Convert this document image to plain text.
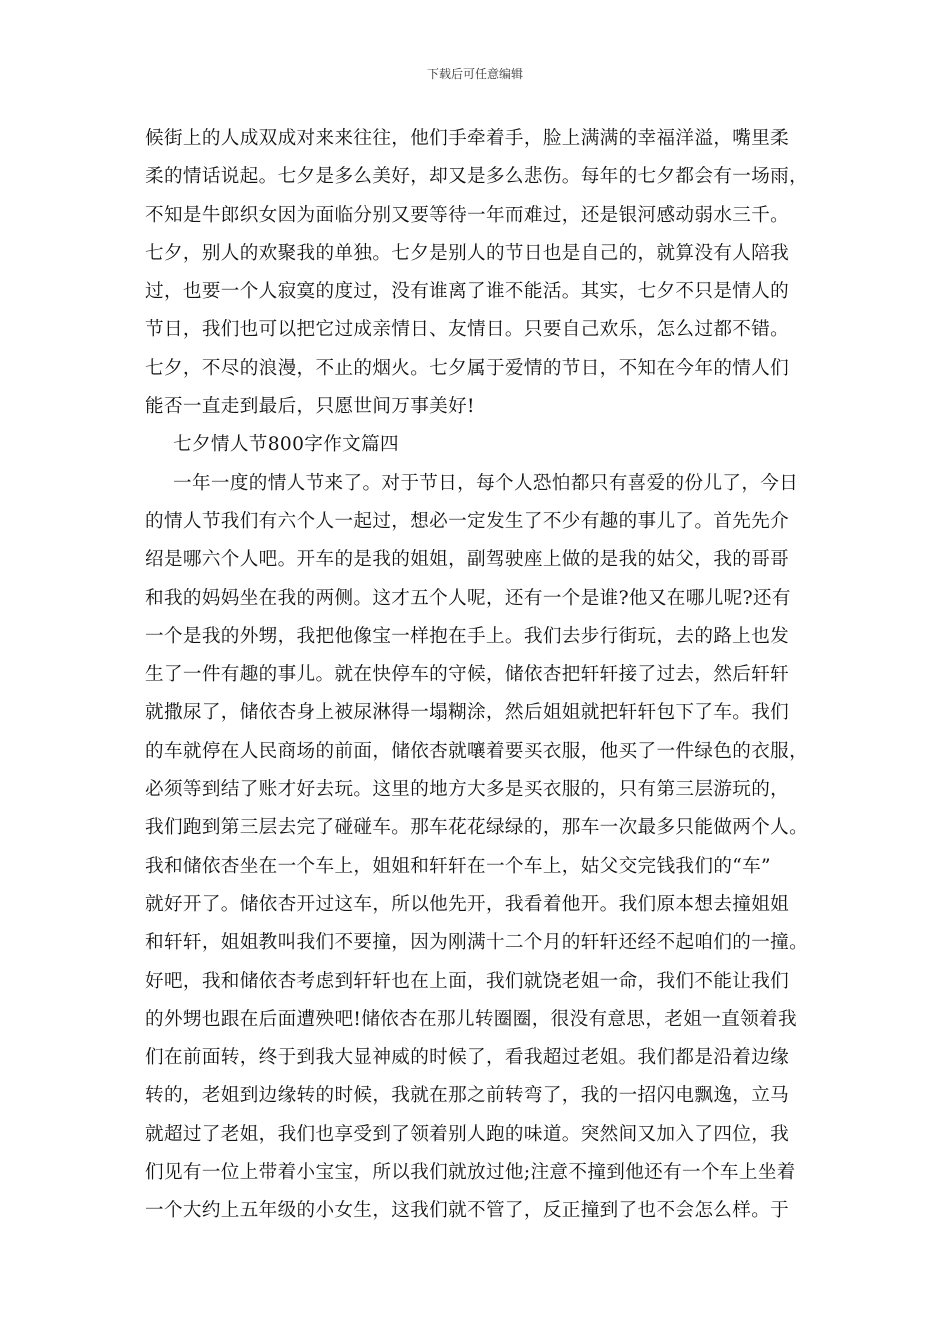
下载后可任意编辑
候街上的人成双成对来来往往，他们手牵着手，脸上满满的幸福洋溢，嘴里柔
柔的情话说起。七夕是多么美好，却又是多么悲伤。每年的七夕都会有一场雨，
不知是牛郎织女因为面临分别又要等待一年而难过，还是银河感动弱水三千。
七夕，别人的欢聚我的单独。七夕是别人的节日也是自己的，就算没有人陪我
过，也要一个人寂寞的度过，没有谁离了谁不能活。其实，七夕不只是情人的
节日，我们也可以把它过成亲情日、友情日。只要自己欢乐，怎么过都不错。
七夕，不尽的浪漫，不止的烟火。七夕属于爱情的节日，不知在今年的情人们
能否一直走到最后，只愿世间万事美好!
七夕情人节800字作文篇四
一年一度的情人节来了。对于节日，每个人恐怕都只有喜爱的份儿了，今日
的情人节我们有六个人一起过，想必一定发生了不少有趣的事儿了。首先先介
绍是哪六个人吧。开车的是我的姐姐，副驾驶座上做的是我的姑父，我的哥哥
和我的妈妈坐在我的两侧。这才五个人呢，还有一个是谁?他又在哪儿呢?还有
一个是我的外甥，我把他像宝一样抱在手上。我们去步行街玩，去的路上也发
生了一件有趣的事儿。就在快停车的守候，储依杏把轩轩接了过去，然后轩轩
就撒尿了，储依杏身上被尿淋得一塌糊涂，然后姐姐就把轩轩包下了车。我们
的车就停在人民商场的前面，储依杏就嚷着要买衣服，他买了一件绿色的衣服，
必须等到结了账才好去玩。这里的地方大多是买衣服的，只有第三层游玩的，
我们跑到第三层去完了碰碰车。那车花花绿绿的，那车一次最多只能做两个人。
我和储依杏坐在一个车上，姐姐和轩轩在一个车上，姑父交完钱我们的“车”
就好开了。储依杏开过这车，所以他先开，我看着他开。我们原本想去撞姐姐
和轩轩，姐姐教叫我们不要撞，因为刚满十二个月的轩轩还经不起咱们的一撞。
好吧，我和储依杏考虑到轩轩也在上面，我们就饶老姐一命，我们不能让我们
的外甥也跟在后面遭殃吧!储依杏在那儿转圈圈，很没有意思，老姐一直领着我
们在前面转，终于到我大显神威的时候了，看我超过老姐。我们都是沿着边缘
转的，老姐到边缘转的时候，我就在那之前转弯了，我的一招闪电飘逸，立马
就超过了老姐，我们也享受到了领着别人跑的味道。突然间又加入了四位，我
们见有一位上带着小宝宝，所以我们就放过他;注意不撞到他还有一个车上坐着
一个大约上五年级的小女生，这我们就不管了，反正撞到了也不会怎么样。于
